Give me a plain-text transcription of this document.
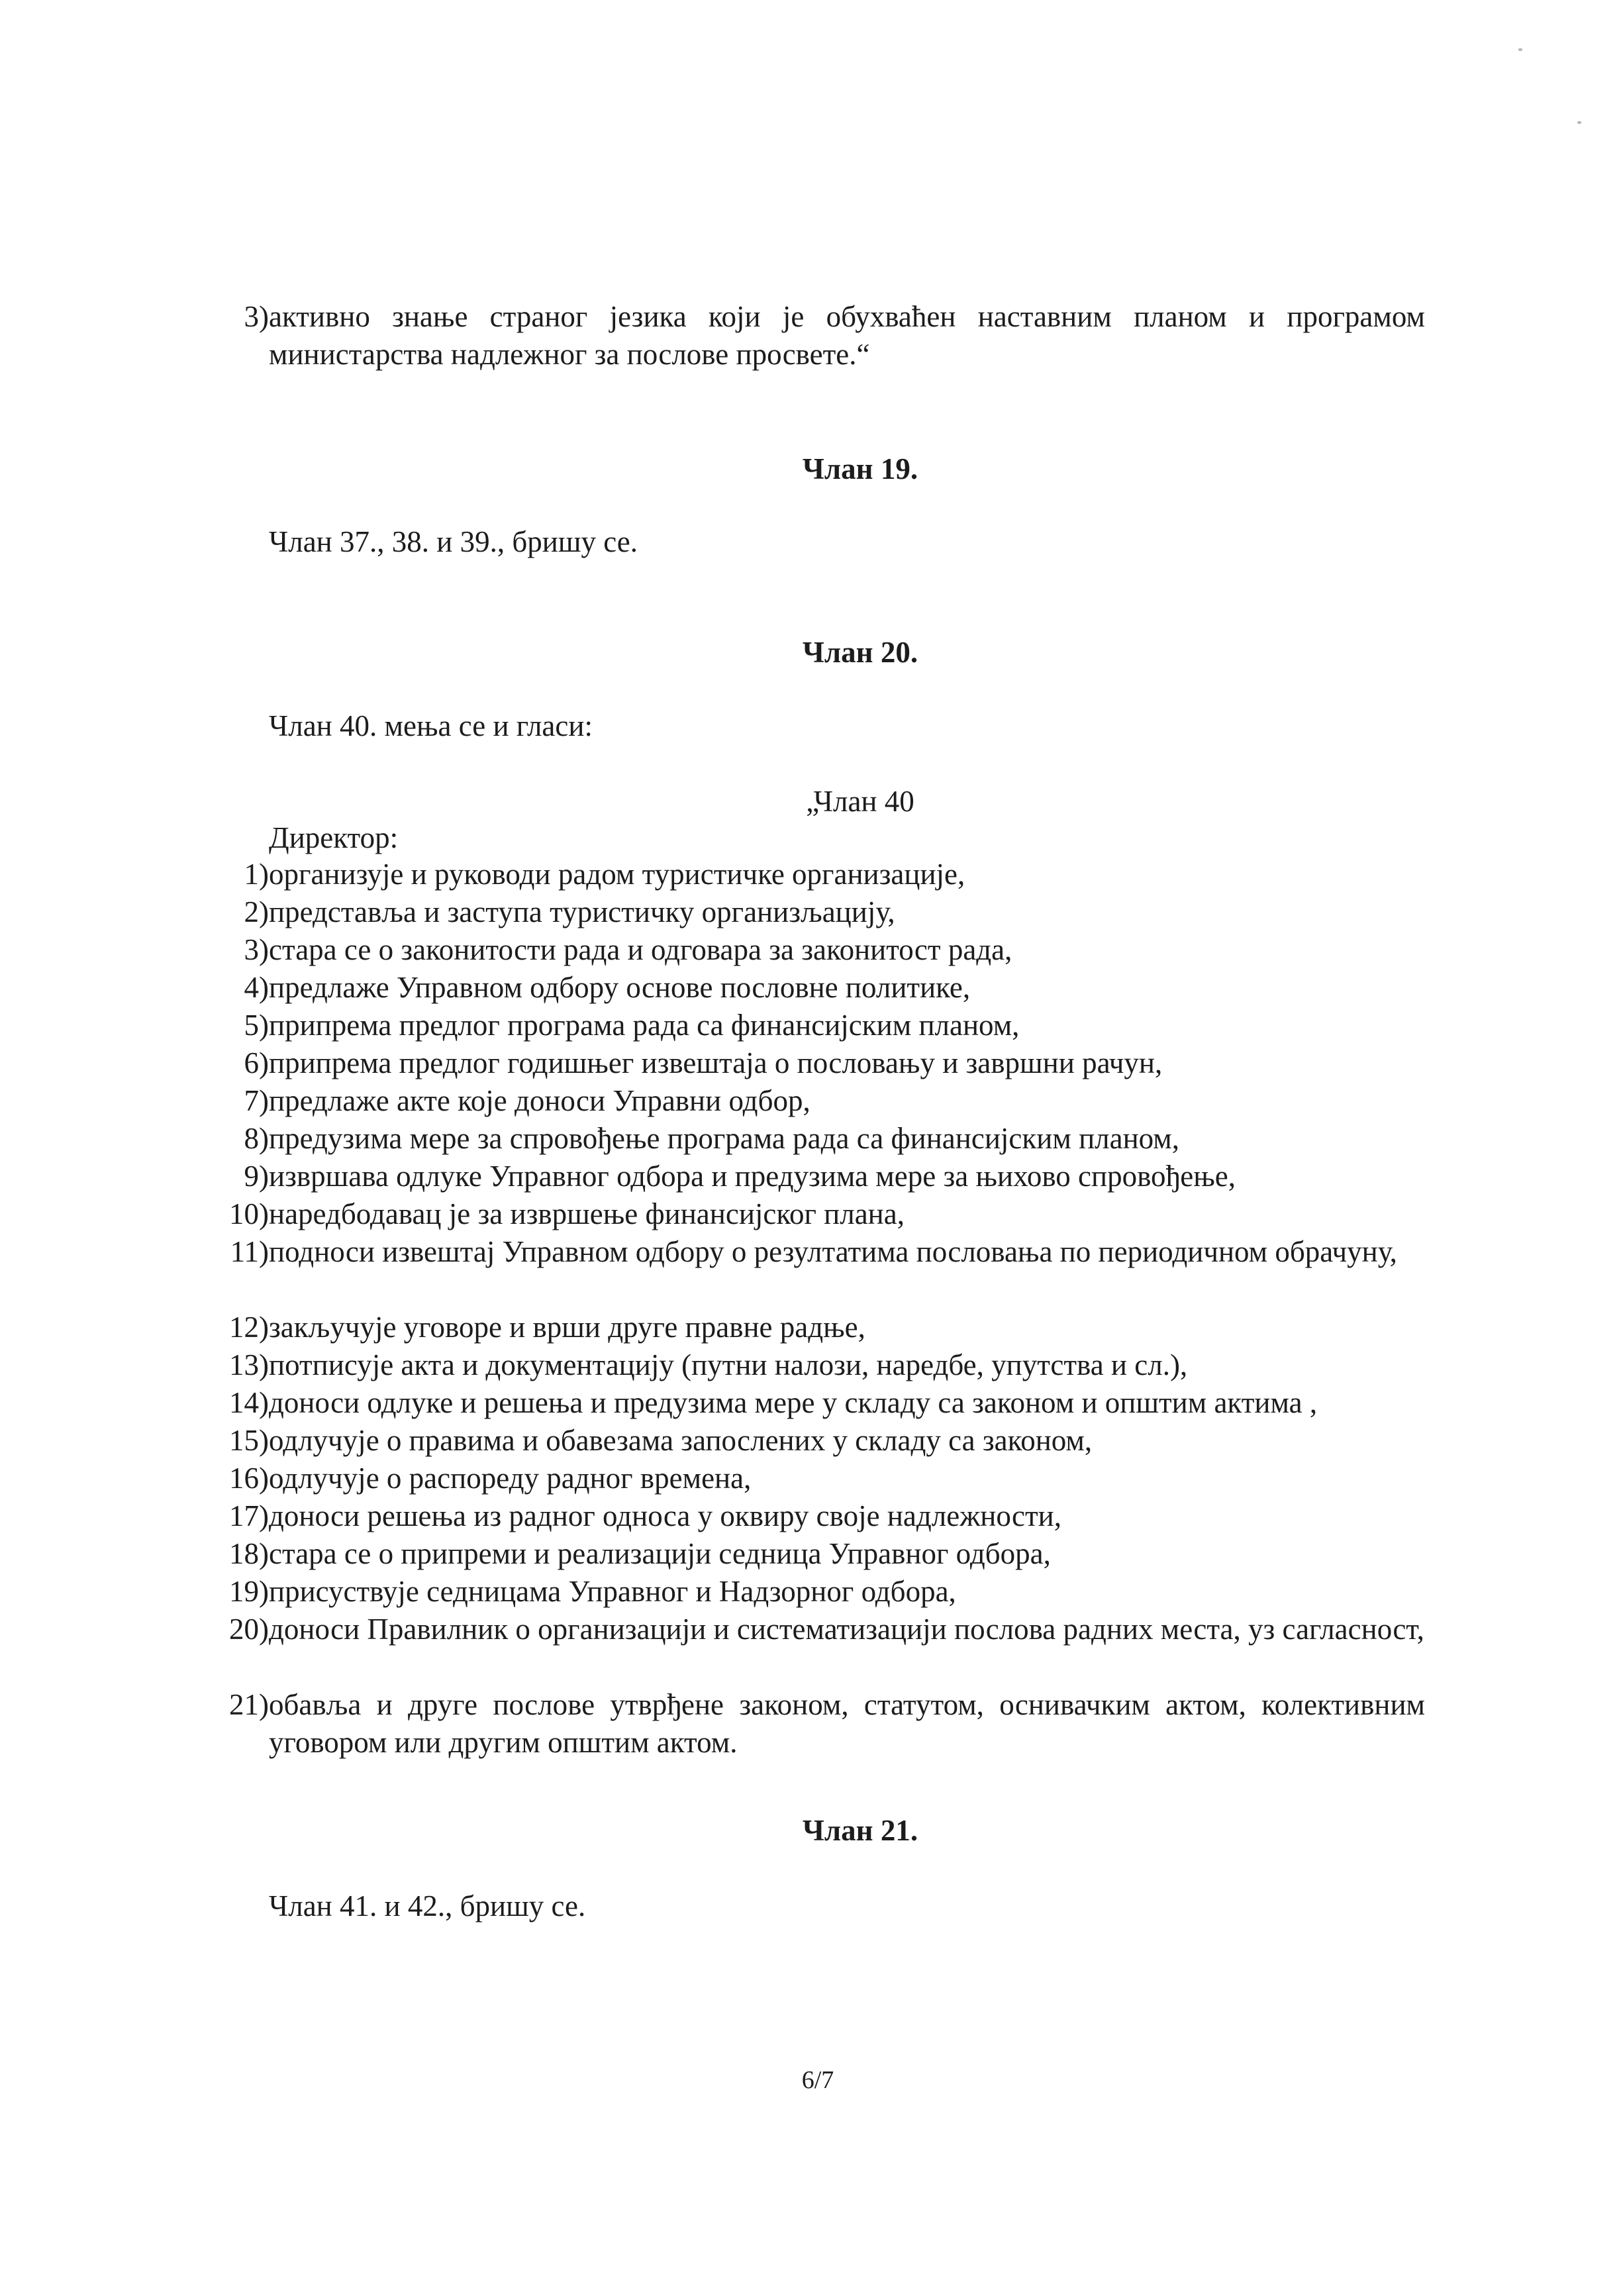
3) активно знање страног језика који је обухваћен наставним планом и програмом министарства надлежног за послове просвете.“
Члан 19.
Члан 37., 38. и 39., бришу се.
Члан 20.
Члан 40. мења се и гласи:
„Члан 40
Директор:
1) организује и руководи радом туристичке организације,
2) представља и заступа туристичку организљацију,
3) стара се о законитости рада и одговара за законитост рада,
4) предлаже Управном одбору основе пословне политике,
5) припрема предлог програма рада са финансијским планом,
6) припрема предлог годишњег извештаја о пословању и завршни рачун,
7) предлаже акте које доноси Управни одбор,
8) предузима мере за спровођење програма рада са финансијским планом,
9) извршава одлуке Управног одбора и предузима мере за њихово спровођење,
10) наредбодавац је за извршење финансијског плана,
11) подноси извештај Управном одбору о резултатима пословања по периодичном обрачуну,
12) закључује уговоре и врши друге правне радње,
13) потписује акта и документацију (путни налози, наредбе, упутства и сл.),
14) доноси одлуке и решења и предузима мере у складу са законом и општим актима ,
15) одлучује о правима и обавезама запослених у складу са законом,
16) одлучује о распореду радног времена,
17) доноси решења из радног односа у оквиру своје надлежности,
18) стара се о припреми и реализацији седница Управног одбора,
19) присуствује седницама Управног и Надзорног одбора,
20) доноси Правилник о организацији и систематизацији послова радних места, уз сагласност,
21) обавља и друге послове утврђене законом, статутом, оснивачким актом, колективним уговором или другим општим актом.
Члан 21.
Члан 41. и 42., бришу се.
6/7
